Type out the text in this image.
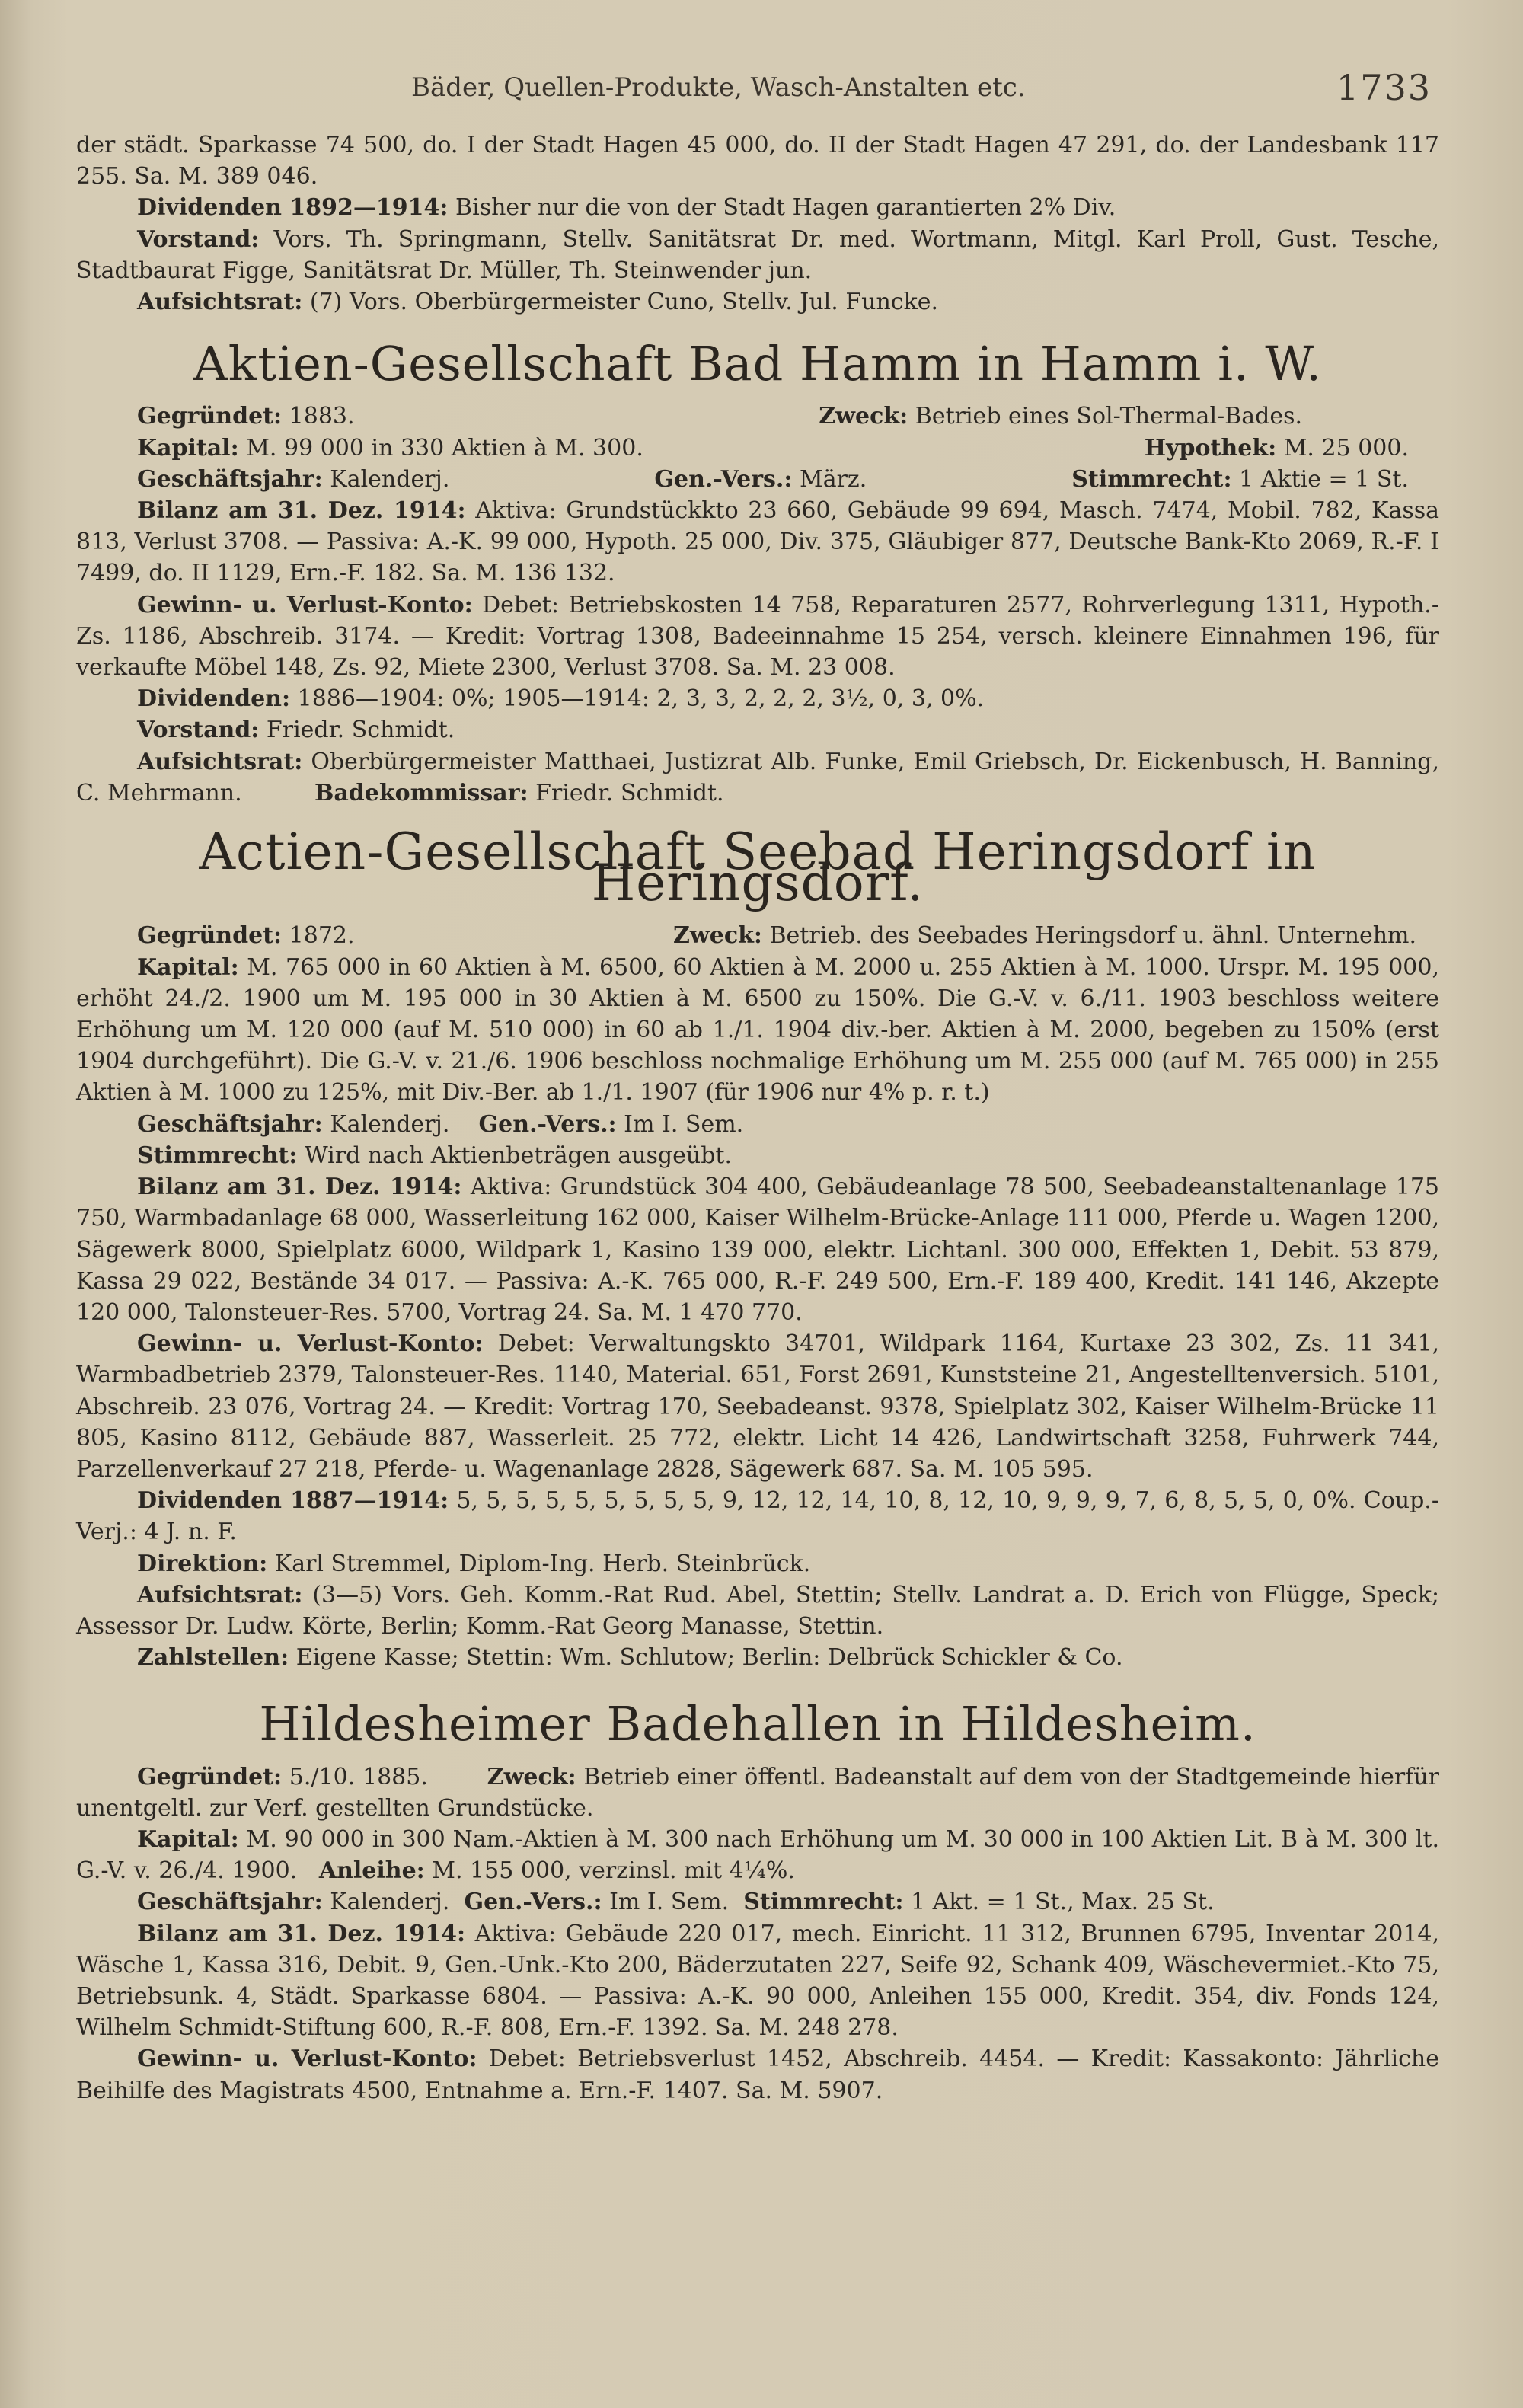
Bäder, Quellen-Produkte, Wasch-Anstalten etc.	1733

der städt. Sparkasse 74 500, do. I der Stadt Hagen 45 000, do. II der Stadt Hagen 47 291, do. der Landesbank 117 255. Sa. M. 389 046.

Dividenden 1892—1914: Bisher nur die von der Stadt Hagen garantierten 2% Div.

Vorstand: Vors. Th. Springmann, Stellv. Sanitätsrat Dr. med. Wortmann, Mitgl. Karl Proll, Gust. Tesche, Stadtbaurat Figge, Sanitätsrat Dr. Müller, Th. Steinwender jun.

Aufsichtsrat: (7) Vors. Oberbürgermeister Cuno, Stellv. Jul. Funcke.

Aktien-Gesellschaft Bad Hamm in Hamm i. W.
Gegründet: 1883.	Zweck: Betrieb eines Sol-Thermal-Bades.
Kapital: M. 99 000 in 330 Aktien à M. 300.	Hypothek: M. 25 000.
Geschäftsjahr: Kalenderj.	Gen.-Vers.: März.	Stimmrecht: 1 Aktie = 1 St.

Bilanz am 31. Dez. 1914: Aktiva: Grundstückkto 23 660, Gebäude 99 694, Masch. 7474, Mobil. 782, Kassa 813, Verlust 3708. — Passiva: A.-K. 99 000, Hypoth. 25 000, Div. 375, Gläubiger 877, Deutsche Bank-Kto 2069, R.-F. I 7499, do. II 1129, Ern.-F. 182. Sa. M. 136 132.

Gewinn- u. Verlust-Konto: Debet: Betriebskosten 14 758, Reparaturen 2577, Rohrverlegung 1311, Hypoth.-Zs. 1186, Abschreib. 3174. — Kredit: Vortrag 1308, Badeeinnahme 15 254, versch. kleinere Einnahmen 196, für verkaufte Möbel 148, Zs. 92, Miete 2300, Verlust 3708. Sa. M. 23 008.

Dividenden: 1886—1904: 0%; 1905—1914: 2, 3, 3, 2, 2, 2, 3½, 0, 3, 0%.

Vorstand: Friedr. Schmidt.

Aufsichtsrat: Oberbürgermeister Matthaei, Justizrat Alb. Funke, Emil Griebsch, Dr. Eickenbusch, H. Banning, C. Mehrmann.	Badekommissar: Friedr. Schmidt.

Actien-Gesellschaft Seebad Heringsdorf in Heringsdorf.
Gegründet: 1872.	Zweck: Betrieb. des Seebades Heringsdorf u. ähnl. Unternehm.

Kapital: M. 765 000 in 60 Aktien à M. 6500, 60 Aktien à M. 2000 u. 255 Aktien à M. 1000. Urspr. M. 195 000, erhöht 24./2. 1900 um M. 195 000 in 30 Aktien à M. 6500 zu 150%. Die G.-V. v. 6./11. 1903 beschloss weitere Erhöhung um M. 120 000 (auf M. 510 000) in 60 ab 1./1. 1904 div.-ber. Aktien à M. 2000, begeben zu 150% (erst 1904 durchgeführt). Die G.-V. v. 21./6. 1906 beschloss nochmalige Erhöhung um M. 255 000 (auf M. 765 000) in 255 Aktien à M. 1000 zu 125%, mit Div.-Ber. ab 1./1. 1907 (für 1906 nur 4% p. r. t.)

Geschäftsjahr: Kalenderj. Gen.-Vers.: Im I. Sem.

Stimmrecht: Wird nach Aktienbeträgen ausgeübt.

Bilanz am 31. Dez. 1914: Aktiva: Grundstück 304 400, Gebäudeanlage 78 500, Seebadeanstaltenanlage 175 750, Warmbadanlage 68 000, Wasserleitung 162 000, Kaiser Wilhelm-Brücke-Anlage 111 000, Pferde u. Wagen 1200, Sägewerk 8000, Spielplatz 6000, Wildpark 1, Kasino 139 000, elektr. Lichtanl. 300 000, Effekten 1, Debit. 53 879, Kassa 29 022, Bestände 34 017. — Passiva: A.-K. 765 000, R.-F. 249 500, Ern.-F. 189 400, Kredit. 141 146, Akzepte 120 000, Talonsteuer-Res. 5700, Vortrag 24. Sa. M. 1 470 770.

Gewinn- u. Verlust-Konto: Debet: Verwaltungskto 34701, Wildpark 1164, Kurtaxe 23 302, Zs. 11 341, Warmbadbetrieb 2379, Talonsteuer-Res. 1140, Material. 651, Forst 2691, Kunststeine 21, Angestelltenversich. 5101, Abschreib. 23 076, Vortrag 24. — Kredit: Vortrag 170, Seebadeanst. 9378, Spielplatz 302, Kaiser Wilhelm-Brücke 11 805, Kasino 8112, Gebäude 887, Wasserleit. 25 772, elektr. Licht 14 426, Landwirtschaft 3258, Fuhrwerk 744, Parzellenverkauf 27 218, Pferde- u. Wagenanlage 2828, Sägewerk 687. Sa. M. 105 595.

Dividenden 1887—1914: 5, 5, 5, 5, 5, 5, 5, 5, 5, 9, 12, 12, 14, 10, 8, 12, 10, 9, 9, 9, 7, 6, 8, 5, 5, 0, 0%. Coup.-Verj.: 4 J. n. F.

Direktion: Karl Stremmel, Diplom-Ing. Herb. Steinbrück.

Aufsichtsrat: (3—5) Vors. Geh. Komm.-Rat Rud. Abel, Stettin; Stellv. Landrat a. D. Erich von Flügge, Speck; Assessor Dr. Ludw. Körte, Berlin; Komm.-Rat Georg Manasse, Stettin.

Zahlstellen: Eigene Kasse; Stettin: Wm. Schlutow; Berlin: Delbrück Schickler & Co.

Hildesheimer Badehallen in Hildesheim.

Gegründet: 5./10. 1885.	Zweck: Betrieb einer öffentl. Badeanstalt auf dem von der Stadtgemeinde hierfür unentgeltl. zur Verf. gestellten Grundstücke.

Kapital: M. 90 000 in 300 Nam.-Aktien à M. 300 nach Erhöhung um M. 30 000 in 100 Aktien Lit. B à M. 300 lt. G.-V. v. 26./4. 1900. Anleihe: M. 155 000, verzinsl. mit 4¼%.

Geschäftsjahr: Kalenderj. Gen.-Vers.: Im I. Sem. Stimmrecht: 1 Akt. = 1 St., Max. 25 St.

Bilanz am 31. Dez. 1914: Aktiva: Gebäude 220 017, mech. Einricht. 11 312, Brunnen 6795, Inventar 2014, Wäsche 1, Kassa 316, Debit. 9, Gen.-Unk.-Kto 200, Bäderzutaten 227, Seife 92, Schank 409, Wäschevermiet.-Kto 75, Betriebsunk. 4, Städt. Sparkasse 6804. — Passiva: A.-K. 90 000, Anleihen 155 000, Kredit. 354, div. Fonds 124, Wilhelm Schmidt-Stiftung 600, R.-F. 808, Ern.-F. 1392. Sa. M. 248 278.

Gewinn- u. Verlust-Konto: Debet: Betriebsverlust 1452, Abschreib. 4454. — Kredit: Kassakonto: Jährliche Beihilfe des Magistrats 4500, Entnahme a. Ern.-F. 1407. Sa. M. 5907.
